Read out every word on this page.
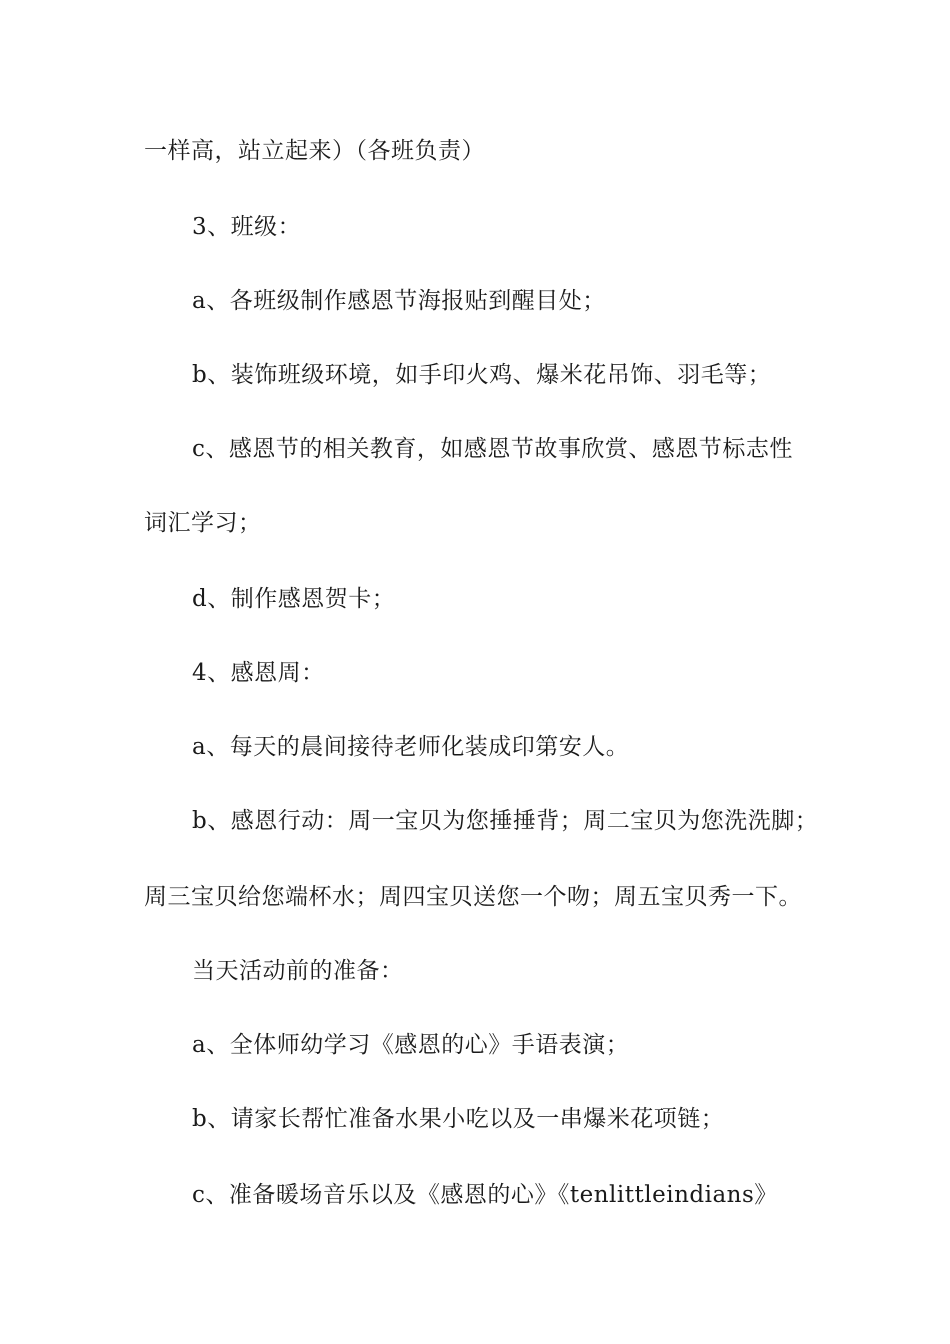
一样高，站立起来）（各班负责）

3、班级：

a、各班级制作感恩节海报贴到醒目处；

b、装饰班级环境，如手印火鸡、爆米花吊饰、羽毛等；

c、感恩节的相关教育，如感恩节故事欣赏、感恩节标志性

词汇学习；

d、制作感恩贺卡；

4、感恩周：

a、每天的晨间接待老师化装成印第安人。

b、感恩行动：周一宝贝为您捶捶背；周二宝贝为您洗洗脚；

周三宝贝给您端杯水；周四宝贝送您一个吻；周五宝贝秀一下。

当天活动前的准备：

a、全体师幼学习《感恩的心》手语表演；

b、请家长帮忙准备水果小吃以及一串爆米花项链；

c、准备暖场音乐以及《感恩的心》《tenlittleindians》
